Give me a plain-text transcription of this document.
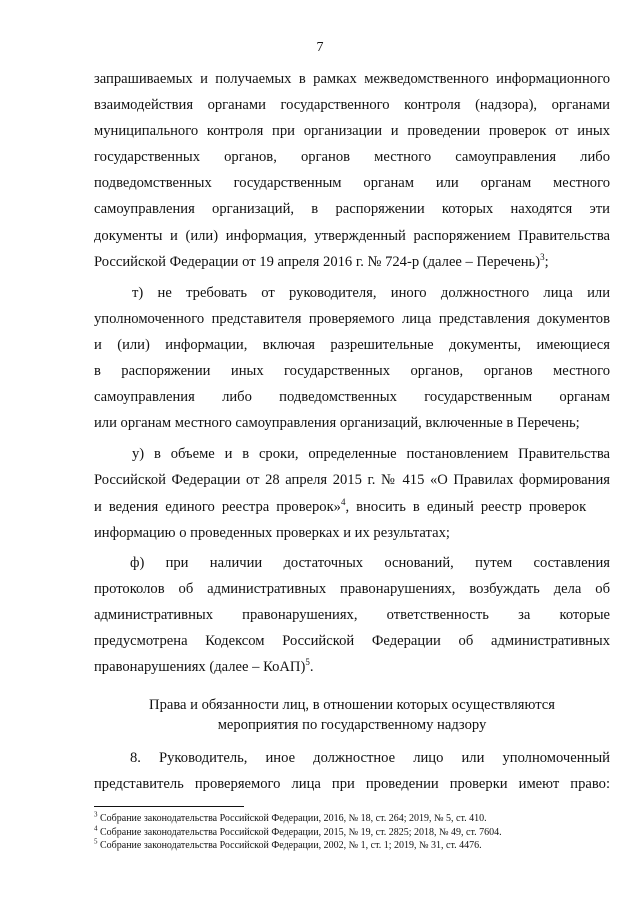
7
запрашиваемых и получаемых в рамках межведомственного информационного
взаимодействия органами государственного контроля (надзора), органами
муниципального контроля при организации и проведении проверок от иных
государственных органов, органов местного самоуправления либо
подведомственных государственным органам или органам местного
самоуправления организаций, в распоряжении которых находятся эти
документы и (или) информация, утвержденный распоряжением Правительства
Российской Федерации от 19 апреля 2016 г. № 724-р (далее – Перечень)$^3$;
т) не требовать от руководителя, иного должностного лица или
уполномоченного представителя проверяемого лица представления документов
и (или) информации, включая разрешительные документы, имеющиеся
в распоряжении иных государственных органов, органов местного
самоуправления либо подведомственных государственным органам
или органам местного самоуправления организаций, включенные в Перечень;
у) в объеме и в сроки, определенные постановлением Правительства
Российской Федерации от 28 апреля 2015 г. № 415 «О Правилах формирования
и ведения единого реестра проверок»$^4$, вносить в единый реестр проверок
информацию о проведенных проверках и их результатах;
ф) при наличии достаточных оснований, путем составления
протоколов об административных правонарушениях, возбуждать дела об
административных правонарушениях, ответственность за которые
предусмотрена Кодексом Российской Федерации об административных
правонарушениях (далее – КоАП)$^5$.
Права и обязанности лиц, в отношении которых осуществляются
мероприятия по государственному надзору
8. Руководитель, иное должностное лицо или уполномоченный
представитель проверяемого лица при проведении проверки имеют право:
$^3$ Собрание законодательства Российской Федерации, 2016, № 18, ст. 264; 2019, № 5, ст. 410.
$^4$ Собрание законодательства Российской Федерации, 2015, № 19, ст. 2825; 2018, № 49, ст. 7604.
$^5$ Собрание законодательства Российской Федерации, 2002, № 1, ст. 1; 2019, № 31, ст. 4476.
